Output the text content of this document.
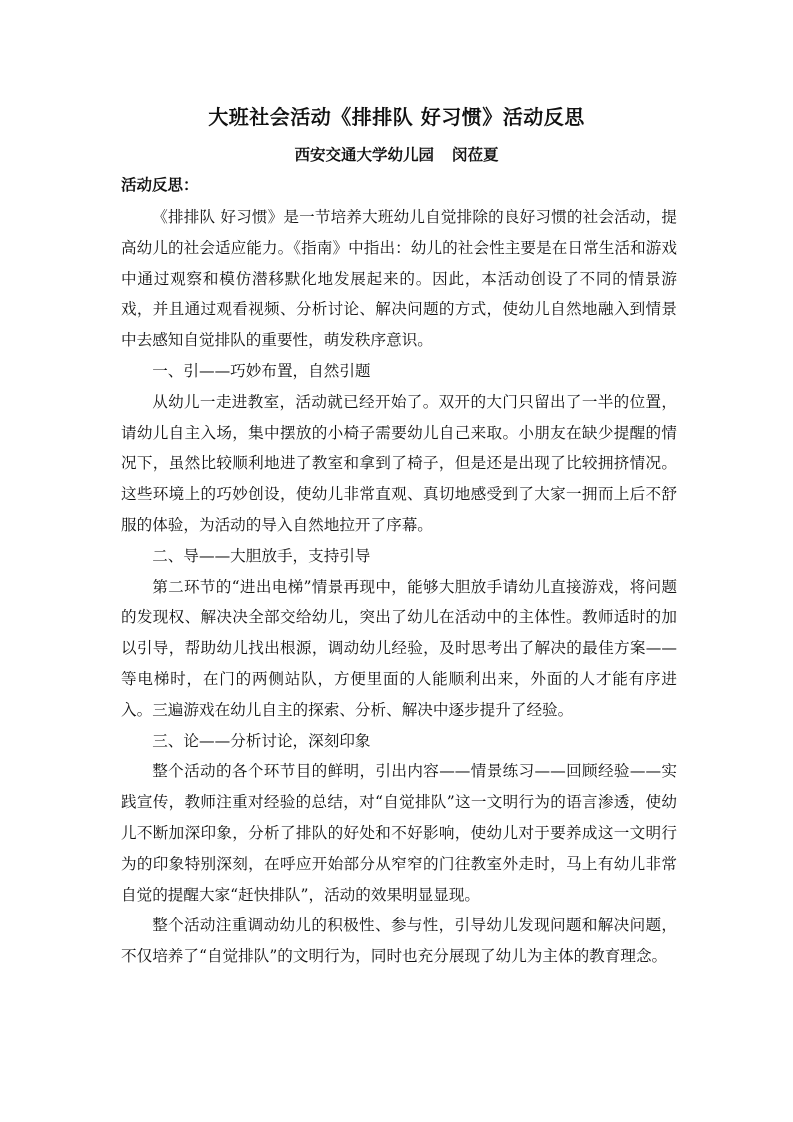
大班社会活动《排排队 好习惯》活动反思
西安交通大学幼儿园 闵莅夏
活动反思：

《排排队 好习惯》是一节培养大班幼儿自觉排除的良好习惯的社会活动，提高幼儿的社会适应能力。《指南》中指出：幼儿的社会性主要是在日常生活和游戏中通过观察和模仿潜移默化地发展起来的。因此，本活动创设了不同的情景游戏，并且通过观看视频、分析讨论、解决问题的方式，使幼儿自然地融入到情景中去感知自觉排队的重要性，萌发秩序意识。

一、引——巧妙布置，自然引题

从幼儿一走进教室，活动就已经开始了。双开的大门只留出了一半的位置，请幼儿自主入场，集中摆放的小椅子需要幼儿自己来取。小朋友在缺少提醒的情况下，虽然比较顺利地进了教室和拿到了椅子，但是还是出现了比较拥挤情况。这些环境上的巧妙创设，使幼儿非常直观、真切地感受到了大家一拥而上后不舒服的体验，为活动的导入自然地拉开了序幕。

二、导——大胆放手，支持引导

第二环节的“进出电梯”情景再现中，能够大胆放手请幼儿直接游戏，将问题的发现权、解决决全部交给幼儿，突出了幼儿在活动中的主体性。教师适时的加以引导，帮助幼儿找出根源，调动幼儿经验，及时思考出了解决的最佳方案——等电梯时，在门的两侧站队，方便里面的人能顺利出来，外面的人才能有序进入。三遍游戏在幼儿自主的探索、分析、解决中逐步提升了经验。

三、论——分析讨论，深刻印象

整个活动的各个环节目的鲜明，引出内容——情景练习——回顾经验——实践宣传，教师注重对经验的总结，对“自觉排队”这一文明行为的语言渗透，使幼儿不断加深印象，分析了排队的好处和不好影响，使幼儿对于要养成这一文明行为的印象特别深刻，在呼应开始部分从窄窄的门往教室外走时，马上有幼儿非常自觉的提醒大家“赶快排队”，活动的效果明显显现。

整个活动注重调动幼儿的积极性、参与性，引导幼儿发现问题和解决问题，不仅培养了“自觉排队”的文明行为，同时也充分展现了幼儿为主体的教育理念。
